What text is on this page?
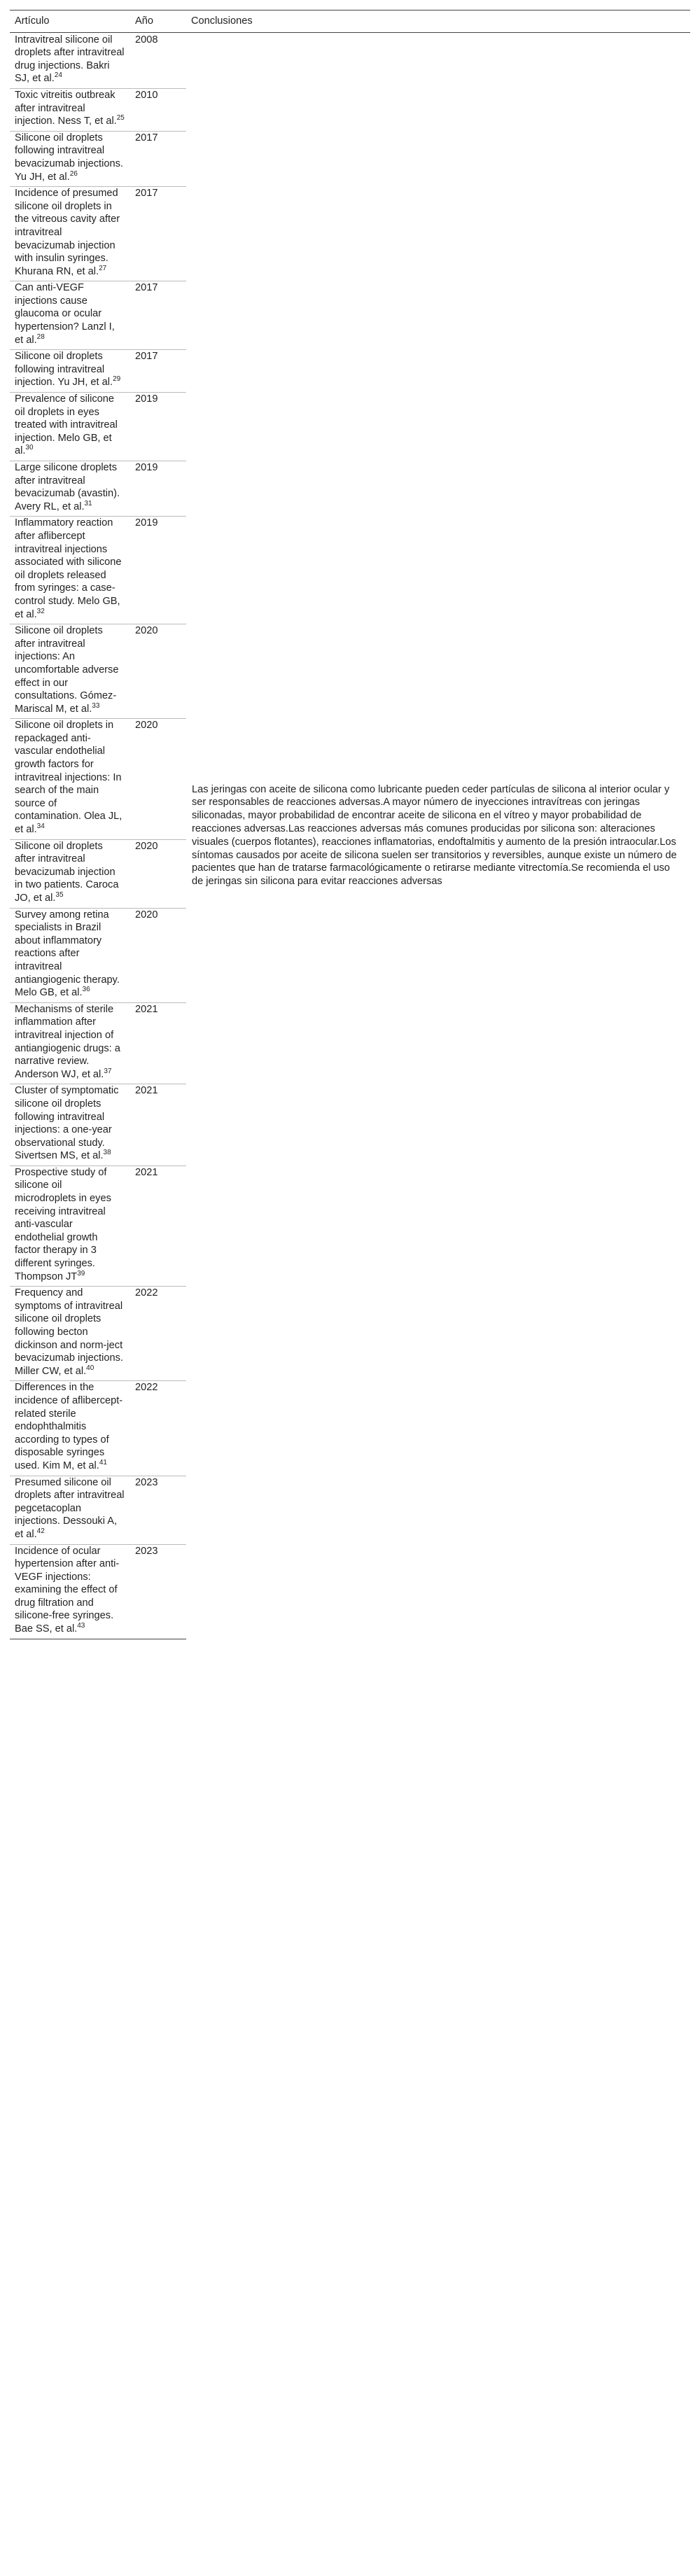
Artículo	Año	Conclusiones
Intravitreal silicone oil droplets after intravitreal drug injections. Bakri SJ, et al.$^{24}$	2008	Las jeringas con aceite de silicona como lubricante pueden ceder partículas de silicona al interior ocular y ser responsables de reacciones adversas.A mayor número de inyecciones intravítreas con jeringas siliconadas, mayor probabilidad de encontrar aceite de silicona en el vítreo y mayor probabilidad de reacciones adversas.Las reacciones adversas más comunes producidas por silicona son: alteraciones visuales (cuerpos flotantes), reacciones inflamatorias, endoftalmitis y aumento de la presión intraocular.Los síntomas causados por aceite de silicona suelen ser transitorios y reversibles, aunque existe un número de pacientes que han de tratarse farmacológicamente o retirarse mediante vitrectomía.Se recomienda el uso de jeringas sin silicona para evitar reacciones adversas
Toxic vitreitis outbreak after intravitreal injection. Ness T, et al.$^{25}$	2010	
Silicone oil droplets following intravitreal bevacizumab injections. Yu JH, et al.$^{26}$	2017	
Incidence of presumed silicone oil droplets in the vitreous cavity after intravitreal bevacizumab injection with insulin syringes. Khurana RN, et al.$^{27}$	2017	
Can anti-VEGF injections cause glaucoma or ocular hypertension? Lanzl I, et al.$^{28}$	2017	
Silicone oil droplets following intravitreal injection. Yu JH, et al.$^{29}$	2017	
Prevalence of silicone oil droplets in eyes treated with intravitreal injection. Melo GB, et al.$^{30}$	2019	
Large silicone droplets after intravitreal bevacizumab (avastin). Avery RL, et al.$^{31}$	2019	
Inflammatory reaction after aflibercept intravitreal injections associated with silicone oil droplets released from syringes: a case-control study. Melo GB, et al.$^{32}$	2019	
Silicone oil droplets after intravitreal injections: An uncomfortable adverse effect in our consultations. Gómez-Mariscal M, et al.$^{33}$	2020	
Silicone oil droplets in repackaged anti-vascular endothelial growth factors for intravitreal injections: In search of the main source of contamination. Olea JL, et al.$^{34}$	2020	
Silicone oil droplets after intravitreal bevacizumab injection in two patients. Caroca JO, et al.$^{35}$	2020	
Survey among retina specialists in Brazil about inflammatory reactions after intravitreal antiangiogenic therapy. Melo GB, et al.$^{36}$	2020	
Mechanisms of sterile inflammation after intravitreal injection of antiangiogenic drugs: a narrative review. Anderson WJ, et al.$^{37}$	2021	
Cluster of symptomatic silicone oil droplets following intravitreal injections: a one-year observational study. Sivertsen MS, et al.$^{38}$	2021	
Prospective study of silicone oil microdroplets in eyes receiving intravitreal anti-vascular endothelial growth factor therapy in 3 different syringes. Thompson JT$^{39}$	2021	
Frequency and symptoms of intravitreal silicone oil droplets following becton dickinson and norm-ject bevacizumab injections. Miller CW, et al.$^{40}$	2022	
Differences in the incidence of aflibercept-related sterile endophthalmitis according to types of disposable syringes used. Kim M, et al.$^{41}$	2022	
Presumed silicone oil droplets after intravitreal pegcetacoplan injections. Dessouki A, et al.$^{42}$	2023	
Incidence of ocular hypertension after anti-VEGF injections: examining the effect of drug filtration and silicone-free syringes. Bae SS, et al.$^{43}$	2023	
